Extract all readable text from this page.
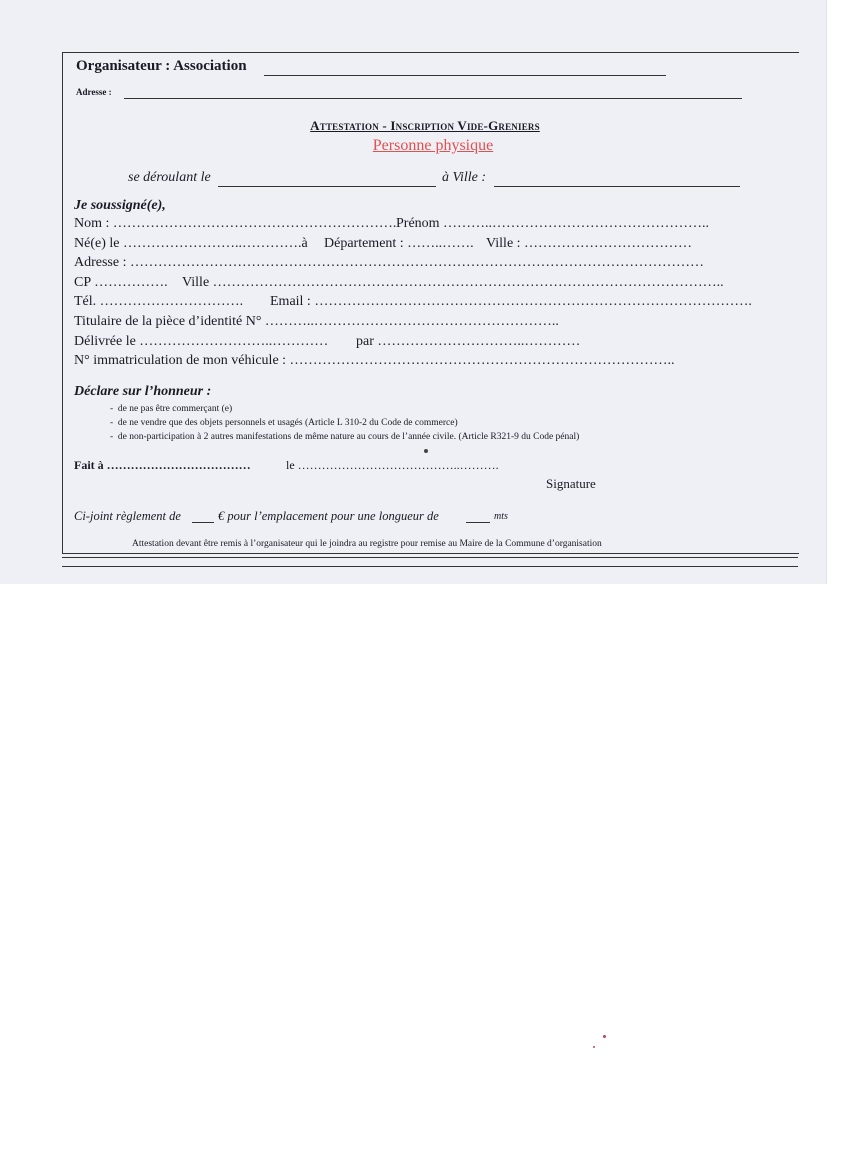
Organisateur : Association
Adresse :
Attestation - Inscription Vide-Greniers
Personne physique
se déroulant le	à Ville :
Je soussigné(e),
Nom : ……………………………………………………. Prénom ………..………………………………………..
Né(e) le ……………………..………….à Département : ……..……. Ville : ………………………………
Adresse : ……………………………………………………………………………………………………………
CP ……………. Ville ………………………………………………………………………………………………..
Tél. …………………………. Email : ………………………………………………………………………………….
Titulaire de la pièce d’identité N° ………..……………………………………………..
Délivrée le ………………………..………… par …………………………..…………
N° immatriculation de mon véhicule : ………………………………………………………………………..
Déclare sur l’honneur :
-  de ne pas être commerçant (e)
-  de ne vendre que des objets personnels et usagés (Article L 310-2 du Code de commerce)
-  de non-participation à 2 autres manifestations de même nature au cours de l’année civile. (Article R321-9 du Code pénal)
Fait à ………………………………	le …………………………………..……….
Signature
Ci-joint règlement de	€ pour l’emplacement pour une longueur de	mts
Attestation devant être remis à l’organisateur qui le joindra au registre pour remise au Maire de la Commune d’organisation
